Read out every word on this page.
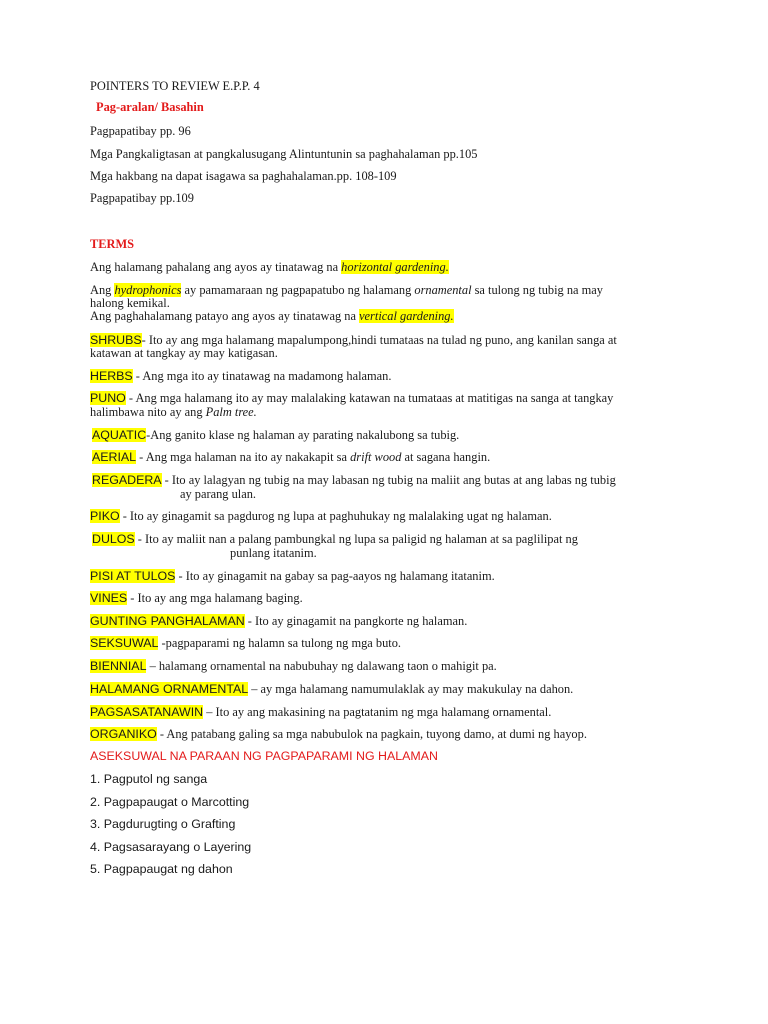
POINTERS TO REVIEW E.P.P. 4
Pag-aralan/ Basahin
Pagpapatibay pp. 96
Mga Pangkaligtasan at pangkalusugang Alintuntunin sa paghahalaman pp.105
Mga hakbang na dapat isagawa sa paghahalaman.pp. 108-109
Pagpapatibay pp.109
TERMS
Ang halamang pahalang ang ayos ay tinatawag na horizontal gardening.
Ang hydrophonics ay pamamaraan ng pagpapatubo ng halamang ornamental sa tulong ng tubig na may
halong kemikal.
Ang paghahalamang patayo ang ayos ay tinatawag na vertical gardening.
SHRUBS- Ito ay ang mga halamang mapalumpong,hindi tumataas na tulad ng puno, ang kanilan sanga at
katawan at tangkay ay may katigasan.
HERBS - Ang mga ito ay tinatawag na madamong halaman.
PUNO - Ang mga halamang ito ay may malalaking katawan na tumataas at matitigas na sanga at tangkay
halimbawa nito ay ang Palm tree.
AQUATIC-Ang ganito klase ng halaman ay parating nakalubong sa tubig.
AERIAL - Ang mga halaman na ito ay nakakapit sa drift wood at sagana hangin.
REGADERA - Ito ay lalagyan ng tubig na may labasan ng tubig na maliit ang butas at ang labas ng tubig
ay parang ulan.
PIKO - Ito ay ginagamit sa pagdurog ng lupa at paghuhukay ng malalaking ugat ng halaman.
DULOS - Ito ay maliit nan a palang pambungkal ng lupa sa paligid ng halaman at sa paglilipat ng
punlang itatanim.
PISI AT TULOS - Ito ay ginagamit na gabay sa pag-aayos ng halamang itatanim.
VINES - Ito ay ang mga halamang baging.
GUNTING PANGHALAMAN - Ito ay ginagamit na pangkorte ng halaman.
SEKSUWAL -pagpaparami ng halamn sa tulong ng mga buto.
BIENNIAL – halamang ornamental na nabubuhay ng dalawang taon o mahigit pa.
HALAMANG ORNAMENTAL – ay mga halamang namumulaklak ay may makukulay na dahon.
PAGSASATANAWIN – Ito ay ang makasining na pagtatanim ng mga halamang ornamental.
ORGANIKO - Ang patabang galing sa mga nabubulok na pagkain, tuyong damo, at dumi ng hayop.
ASEKSUWAL NA PARAAN NG PAGPAPARAMI NG HALAMAN
1. Pagputol ng sanga
2. Pagpapaugat o Marcotting
3. Pagdurugting o Grafting
4. Pagsasarayang o Layering
5. Pagpapaugat ng dahon
